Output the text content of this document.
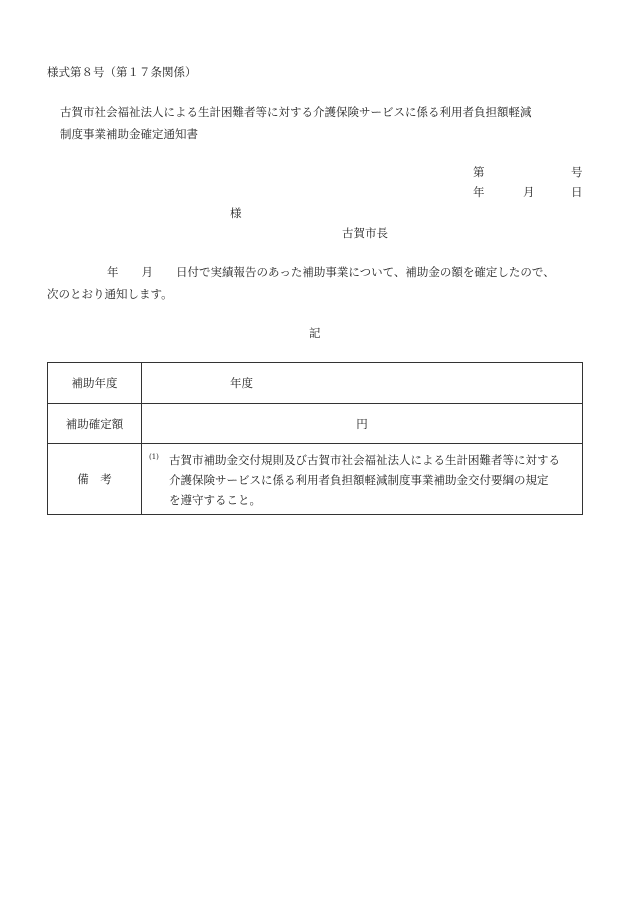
様式第８号（第１７条関係）
古賀市社会福祉法人による生計困難者等に対する介護保険サービスに係る利用者負担額軽減
制度事業補助金確定通知書
第	号
年	月	日
様
古賀市長
年　　月　　日付で実績報告のあった補助事業について、補助金の額を確定したので、
次のとおり通知します。
記
補助年度	年度
補助確定額	円
備　考	(1) 古賀市補助金交付規則及び古賀市社会福祉法人による生計困難者等に対する
介護保険サービスに係る利用者負担額軽減制度事業補助金交付要綱の規定
を遵守すること。
